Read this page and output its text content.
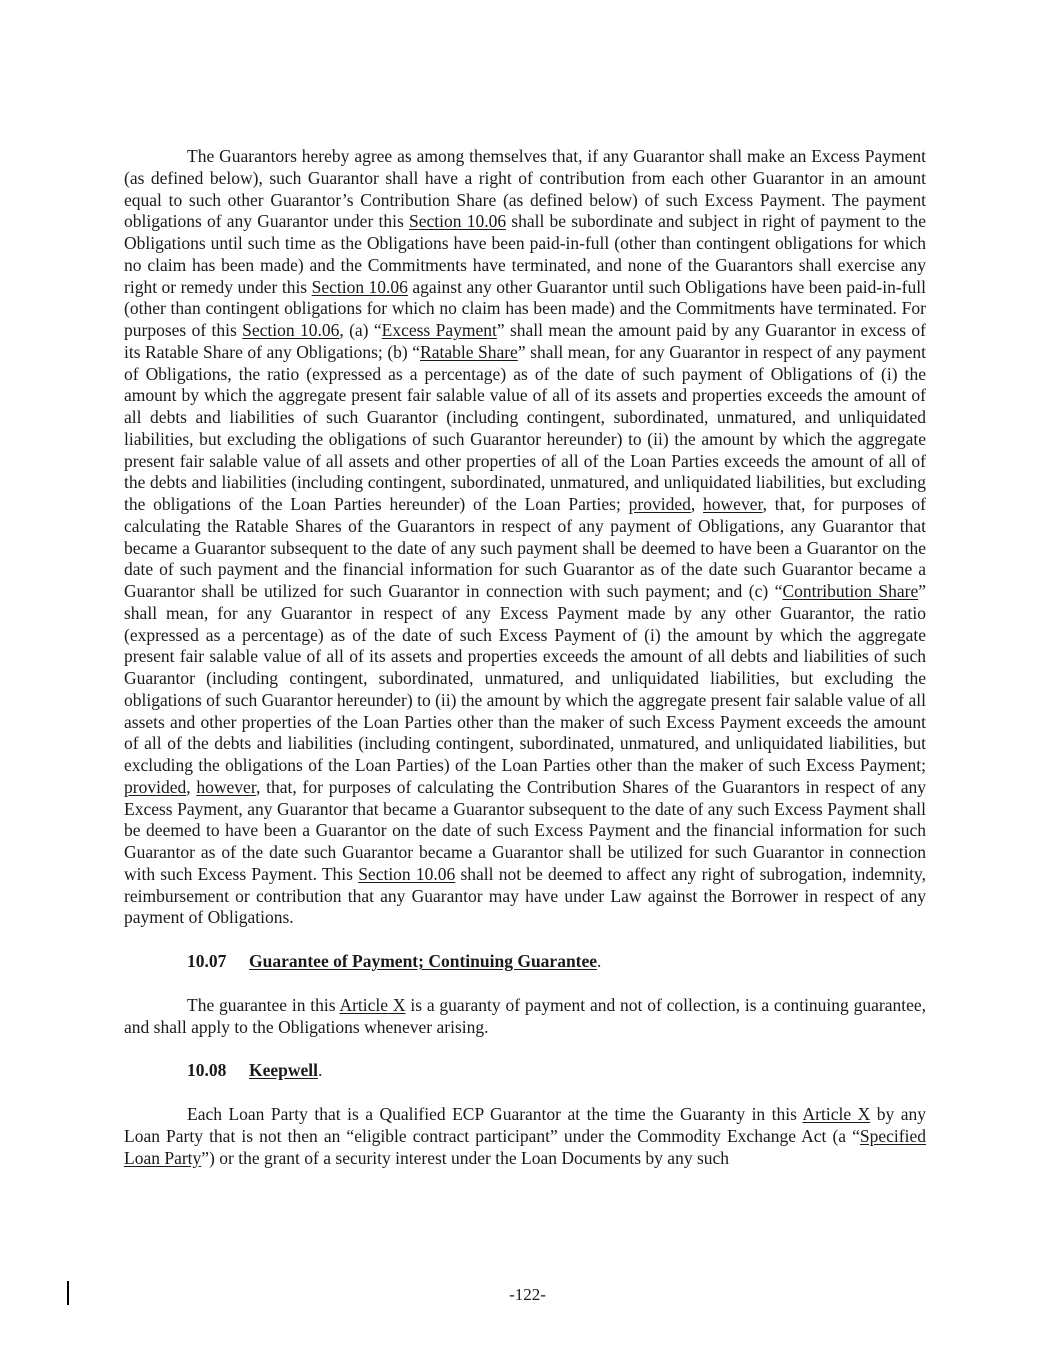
The Guarantors hereby agree as among themselves that, if any Guarantor shall make an Excess Payment (as defined below), such Guarantor shall have a right of contribution from each other Guarantor in an amount equal to such other Guarantor’s Contribution Share (as defined below) of such Excess Payment. The payment obligations of any Guarantor under this Section 10.06 shall be subordinate and subject in right of payment to the Obligations until such time as the Obligations have been paid-in-full (other than contingent obligations for which no claim has been made) and the Commitments have terminated, and none of the Guarantors shall exercise any right or remedy under this Section 10.06 against any other Guarantor until such Obligations have been paid-in-full (other than contingent obligations for which no claim has been made) and the Commitments have terminated. For purposes of this Section 10.06, (a) “Excess Payment” shall mean the amount paid by any Guarantor in excess of its Ratable Share of any Obligations; (b) “Ratable Share” shall mean, for any Guarantor in respect of any payment of Obligations, the ratio (expressed as a percentage) as of the date of such payment of Obligations of (i) the amount by which the aggregate present fair salable value of all of its assets and properties exceeds the amount of all debts and liabilities of such Guarantor (including contingent, subordinated, unmatured, and unliquidated liabilities, but excluding the obligations of such Guarantor hereunder) to (ii) the amount by which the aggregate present fair salable value of all assets and other properties of all of the Loan Parties exceeds the amount of all of the debts and liabilities (including contingent, subordinated, unmatured, and unliquidated liabilities, but excluding the obligations of the Loan Parties hereunder) of the Loan Parties; provided, however, that, for purposes of calculating the Ratable Shares of the Guarantors in respect of any payment of Obligations, any Guarantor that became a Guarantor subsequent to the date of any such payment shall be deemed to have been a Guarantor on the date of such payment and the financial information for such Guarantor as of the date such Guarantor became a Guarantor shall be utilized for such Guarantor in connection with such payment; and (c) “Contribution Share” shall mean, for any Guarantor in respect of any Excess Payment made by any other Guarantor, the ratio (expressed as a percentage) as of the date of such Excess Payment of (i) the amount by which the aggregate present fair salable value of all of its assets and properties exceeds the amount of all debts and liabilities of such Guarantor (including contingent, subordinated, unmatured, and unliquidated liabilities, but excluding the obligations of such Guarantor hereunder) to (ii) the amount by which the aggregate present fair salable value of all assets and other properties of the Loan Parties other than the maker of such Excess Payment exceeds the amount of all of the debts and liabilities (including contingent, subordinated, unmatured, and unliquidated liabilities, but excluding the obligations of the Loan Parties) of the Loan Parties other than the maker of such Excess Payment; provided, however, that, for purposes of calculating the Contribution Shares of the Guarantors in respect of any Excess Payment, any Guarantor that became a Guarantor subsequent to the date of any such Excess Payment shall be deemed to have been a Guarantor on the date of such Excess Payment and the financial information for such Guarantor as of the date such Guarantor became a Guarantor shall be utilized for such Guarantor in connection with such Excess Payment. This Section 10.06 shall not be deemed to affect any right of subrogation, indemnity, reimbursement or contribution that any Guarantor may have under Law against the Borrower in respect of any payment of Obligations.

10.07 Guarantee of Payment; Continuing Guarantee.

The guarantee in this Article X is a guaranty of payment and not of collection, is a continuing guarantee, and shall apply to the Obligations whenever arising.

10.08 Keepwell.

Each Loan Party that is a Qualified ECP Guarantor at the time the Guaranty in this Article X by any Loan Party that is not then an “eligible contract participant” under the Commodity Exchange Act (a “Specified Loan Party”) or the grant of a security interest under the Loan Documents by any such

-122-
